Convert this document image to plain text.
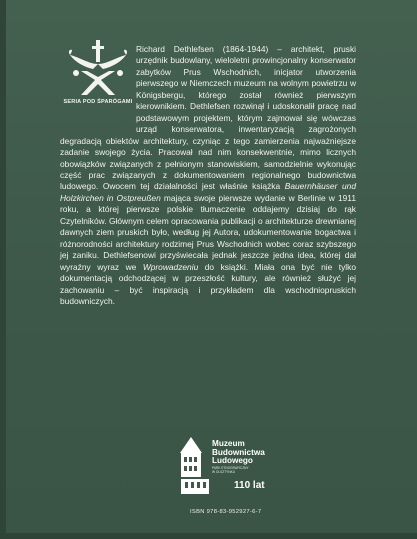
Richard Dethlefsen (1864-1944) – architekt, pruski urzędnik budowlany, wieloletni prowincjonalny konserwator zabytków Prus Wschodnich, inicjator utworzenia pierwszego w Niemczech muzeum na wolnym powietrzu w Königsbergu, którego został również pierwszym kierownikiem. Dethlefsen rozwinął i udoskonalił pracę nad podstawowym projektem, którym zajmował się wówczas urząd konserwatora, inwentaryzacją zagrożonych degradacją obiektów architektury, czyniąc z tego zamierzenia najważniejsze zadanie swojego życia. Pracował nad nim konsekwentnie, mimo licznych obowiązków związanych z pełnionym stanowiskiem, samodzielnie wykonując część prac związanych z dokumentowaniem regionalnego budownictwa ludowego. Owocem tej działalności jest właśnie książka Bauernhäuser und Holzkirchen in Ostpreußen mająca swoje pierwsze wydanie w Berlinie w 1911 roku, a której pierwsze polskie tłumaczenie oddajemy dzisiaj do rąk Czytelników. Głównym celem opracowania publikacji o architekturze drewnianej dawnych ziem pruskich było, według jej Autora, udokumentowanie bogactwa i różnorodności architektury rodzimej Prus Wschodnich wobec coraz szybszego jej zaniku. Dethlefsenowi przyświecała jednak jeszcze jedna idea, której dał wyraźny wyraz we Wprowadzeniu do książki. Miała ona być nie tylko dokumentacją odchodzącej w przeszłość kultury, ale również służyć jej zachowaniu – być inspiracją i przykładem dla wschodniopruskich budowniczych.

SERIA POD ŚPARÓGAMI
Muzeum
Budownictwa
Ludowego
PARK ETNOGRAFICZNY
W OLSZTYNKU
110 lat
ISBN 978-83-952927-6-7
